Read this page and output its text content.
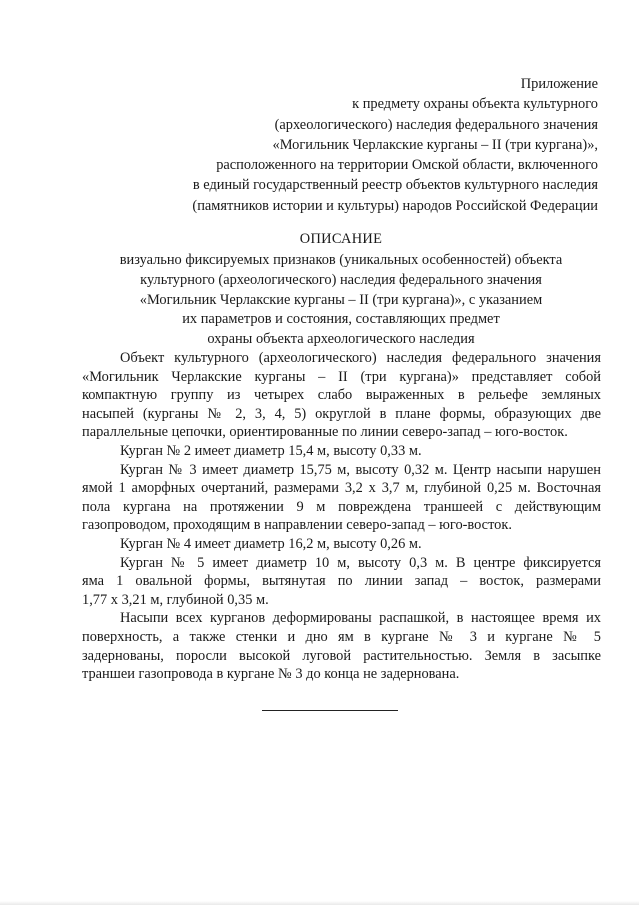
Приложение
к предмету охраны объекта культурного
(археологического) наследия федерального значения
«Могильник Черлакские курганы – II (три кургана)»,
расположенного на территории Омской области, включенного
в единый государственный реестр объектов культурного наследия
(памятников истории и культуры) народов Российской Федерации
ОПИСАНИЕ
визуально фиксируемых признаков (уникальных особенностей) объекта
культурного (археологического) наследия федерального значения
«Могильник Черлакские курганы – II (три кургана)», с указанием
их параметров и состояния, составляющих предмет
охраны объекта археологического наследия
Объект культурного (археологического) наследия федерального значения
«Могильник Черлакские курганы – II (три кургана)» представляет собой
компактную группу из четырех слабо выраженных в рельефе земляных
насыпей (курганы № 2, 3, 4, 5) округлой в плане формы, образующих две
параллельные цепочки, ориентированные по линии северо-запад – юго-восток.
Курган № 2 имеет диаметр 15,4 м, высоту 0,33 м.
Курган № 3 имеет диаметр 15,75 м, высоту 0,32 м. Центр насыпи нарушен
ямой 1 аморфных очертаний, размерами 3,2 х 3,7 м, глубиной 0,25 м. Восточная
пола кургана на протяжении 9 м повреждена траншеей с действующим
газопроводом, проходящим в направлении северо-запад – юго-восток.
Курган № 4 имеет диаметр 16,2 м, высоту 0,26 м.
Курган № 5 имеет диаметр 10 м, высоту 0,3 м. В центре фиксируется
яма 1 овальной формы, вытянутая по линии запад – восток, размерами
1,77 х 3,21 м, глубиной 0,35 м.
Насыпи всех курганов деформированы распашкой, в настоящее время их
поверхность, а также стенки и дно ям в кургане № 3 и кургане № 5
задернованы, поросли высокой луговой растительностью. Земля в засыпке
траншеи газопровода в кургане № 3 до конца не задернована.
